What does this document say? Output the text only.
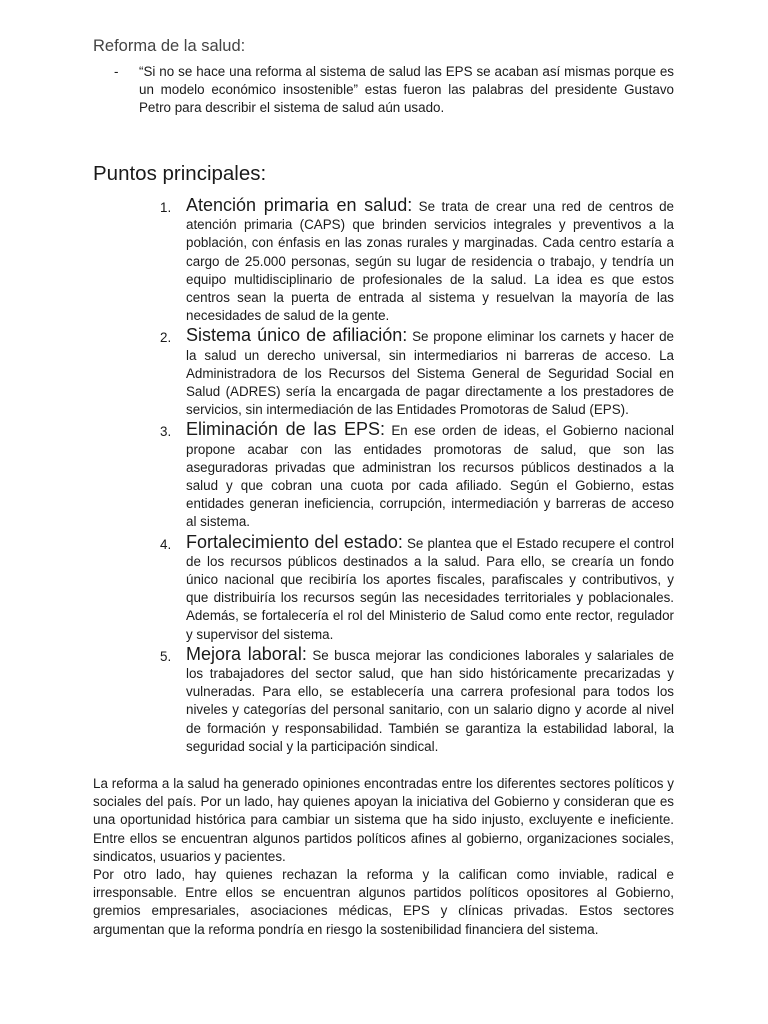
Reforma de la salud:
- “Si no se hace una reforma al sistema de salud las EPS se acaban así mismas porque es un modelo económico insostenible” estas fueron las palabras del presidente Gustavo Petro para describir el sistema de salud aún usado.
Puntos principales:
1. Atención primaria en salud: Se trata de crear una red de centros de atención primaria (CAPS) que brinden servicios integrales y preventivos a la población, con énfasis en las zonas rurales y marginadas. Cada centro estaría a cargo de 25.000 personas, según su lugar de residencia o trabajo, y tendría un equipo multidisciplinario de profesionales de la salud. La idea es que estos centros sean la puerta de entrada al sistema y resuelvan la mayoría de las necesidades de salud de la gente.
2. Sistema único de afiliación: Se propone eliminar los carnets y hacer de la salud un derecho universal, sin intermediarios ni barreras de acceso. La Administradora de los Recursos del Sistema General de Seguridad Social en Salud (ADRES) sería la encargada de pagar directamente a los prestadores de servicios, sin intermediación de las Entidades Promotoras de Salud (EPS).
3. Eliminación de las EPS: En ese orden de ideas, el Gobierno nacional propone acabar con las entidades promotoras de salud, que son las aseguradoras privadas que administran los recursos públicos destinados a la salud y que cobran una cuota por cada afiliado. Según el Gobierno, estas entidades generan ineficiencia, corrupción, intermediación y barreras de acceso al sistema.
4. Fortalecimiento del estado: Se plantea que el Estado recupere el control de los recursos públicos destinados a la salud. Para ello, se crearía un fondo único nacional que recibiría los aportes fiscales, parafiscales y contributivos, y que distribuiría los recursos según las necesidades territoriales y poblacionales. Además, se fortalecería el rol del Ministerio de Salud como ente rector, regulador y supervisor del sistema.
5. Mejora laboral: Se busca mejorar las condiciones laborales y salariales de los trabajadores del sector salud, que han sido históricamente precarizadas y vulneradas. Para ello, se establecería una carrera profesional para todos los niveles y categorías del personal sanitario, con un salario digno y acorde al nivel de formación y responsabilidad. También se garantiza la estabilidad laboral, la seguridad social y la participación sindical.

La reforma a la salud ha generado opiniones encontradas entre los diferentes sectores políticos y sociales del país. Por un lado, hay quienes apoyan la iniciativa del Gobierno y consideran que es una oportunidad histórica para cambiar un sistema que ha sido injusto, excluyente e ineficiente. Entre ellos se encuentran algunos partidos políticos afines al gobierno, organizaciones sociales, sindicatos, usuarios y pacientes.

Por otro lado, hay quienes rechazan la reforma y la califican como inviable, radical e irresponsable. Entre ellos se encuentran algunos partidos políticos opositores al Gobierno, gremios empresariales, asociaciones médicas, EPS y clínicas privadas. Estos sectores argumentan que la reforma pondría en riesgo la sostenibilidad financiera del sistema.
